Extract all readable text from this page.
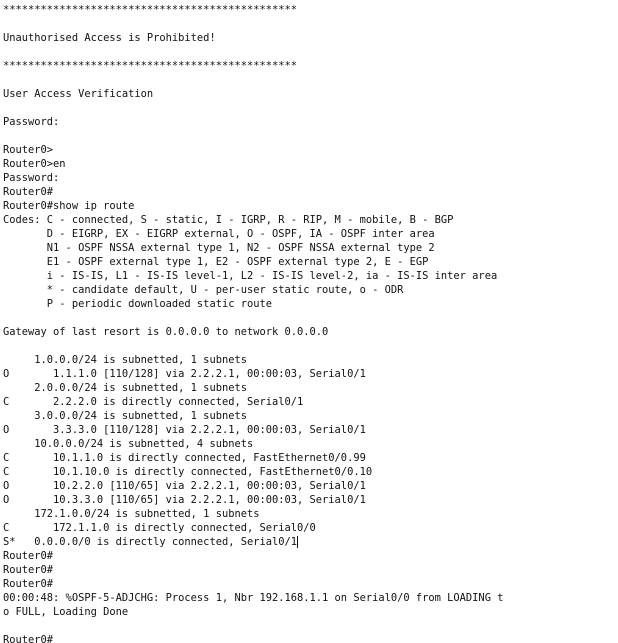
***********************************************
Unauthorised Access is Prohibited!
***********************************************
User Access Verification
Password:
Router0>
Router0>en
Password:
Router0#
Router0#show ip route
Codes: C - connected, S - static, I - IGRP, R - RIP, M - mobile, B - BGP
D - EIGRP, EX - EIGRP external, O - OSPF, IA - OSPF inter area
N1 - OSPF NSSA external type 1, N2 - OSPF NSSA external type 2
E1 - OSPF external type 1, E2 - OSPF external type 2, E - EGP
i - IS-IS, L1 - IS-IS level-1, L2 - IS-IS level-2, ia - IS-IS inter area
* - candidate default, U - per-user static route, o - ODR
P - periodic downloaded static route
Gateway of last resort is 0.0.0.0 to network 0.0.0.0
1.0.0.0/24 is subnetted, 1 subnets
O       1.1.1.0 [110/128] via 2.2.2.1, 00:00:03, Serial0/1
2.0.0.0/24 is subnetted, 1 subnets
C       2.2.2.0 is directly connected, Serial0/1
3.0.0.0/24 is subnetted, 1 subnets
O       3.3.3.0 [110/128] via 2.2.2.1, 00:00:03, Serial0/1
10.0.0.0/24 is subnetted, 4 subnets
C       10.1.1.0 is directly connected, FastEthernet0/0.99
C       10.1.10.0 is directly connected, FastEthernet0/0.10
O       10.2.2.0 [110/65] via 2.2.2.1, 00:00:03, Serial0/1
O       10.3.3.0 [110/65] via 2.2.2.1, 00:00:03, Serial0/1
172.1.0.0/24 is subnetted, 1 subnets
C       172.1.1.0 is directly connected, Serial0/0
S*   0.0.0.0/0 is directly connected, Serial0/1
Router0#
Router0#
Router0#
00:00:48: %OSPF-5-ADJCHG: Process 1, Nbr 192.168.1.1 on Serial0/0 from LOADING t
o FULL, Loading Done
Router0#
